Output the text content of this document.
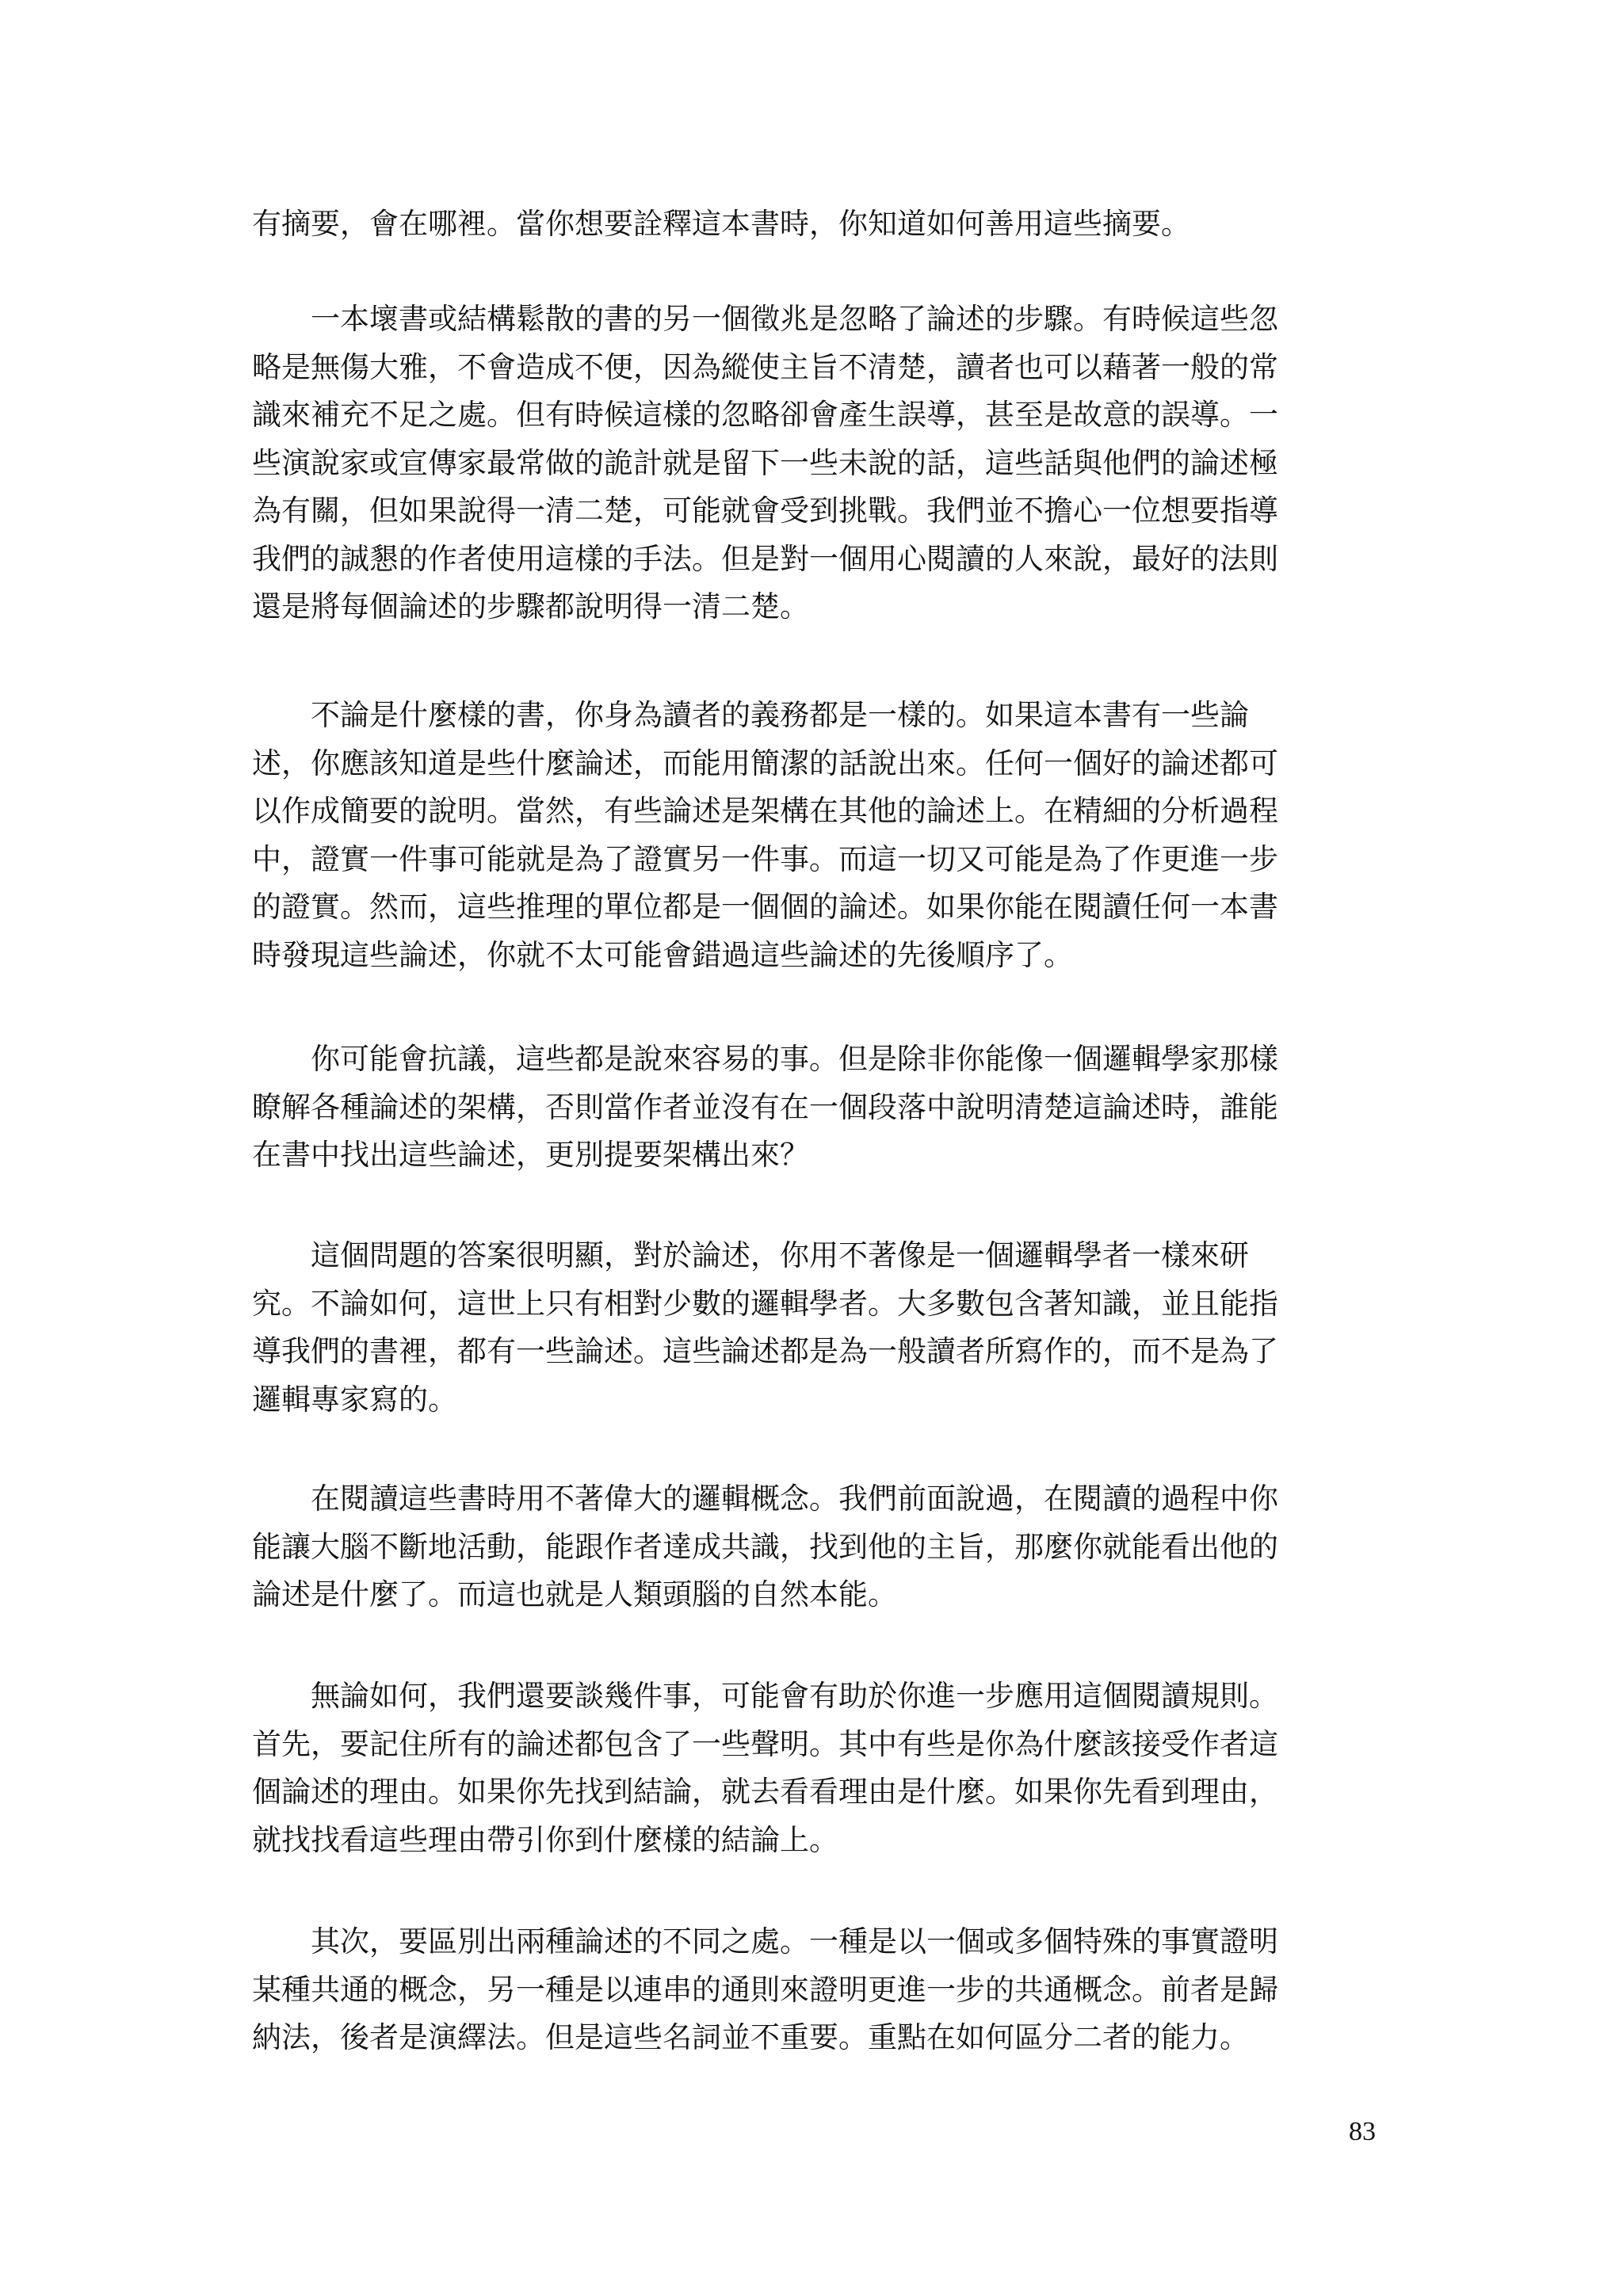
有摘要，會在哪裡。當你想要詮釋這本書時，你知道如何善用這些摘要。
　　一本壞書或結構鬆散的書的另一個徵兆是忽略了論述的步驟。有時候這些忽
略是無傷大雅，不會造成不便，因為縱使主旨不清楚，讀者也可以藉著一般的常
識來補充不足之處。但有時候這樣的忽略卻會產生誤導，甚至是故意的誤導。一
些演說家或宣傳家最常做的詭計就是留下一些未說的話，這些話與他們的論述極
為有關，但如果說得一清二楚，可能就會受到挑戰。我們並不擔心一位想要指導
我們的誠懇的作者使用這樣的手法。但是對一個用心閱讀的人來說，最好的法則
還是將每個論述的步驟都說明得一清二楚。
　　不論是什麼樣的書，你身為讀者的義務都是一樣的。如果這本書有一些論
述，你應該知道是些什麼論述，而能用簡潔的話說出來。任何一個好的論述都可
以作成簡要的說明。當然，有些論述是架構在其他的論述上。在精細的分析過程
中，證實一件事可能就是為了證實另一件事。而這一切又可能是為了作更進一步
的證實。然而，這些推理的單位都是一個個的論述。如果你能在閱讀任何一本書
時發現這些論述，你就不太可能會錯過這些論述的先後順序了。
　　你可能會抗議，這些都是說來容易的事。但是除非你能像一個邏輯學家那樣
瞭解各種論述的架構，否則當作者並沒有在一個段落中說明清楚這論述時，誰能
在書中找出這些論述，更別提要架構出來？
　　這個問題的答案很明顯，對於論述，你用不著像是一個邏輯學者一樣來研
究。不論如何，這世上只有相對少數的邏輯學者。大多數包含著知識，並且能指
導我們的書裡，都有一些論述。這些論述都是為一般讀者所寫作的，而不是為了
邏輯專家寫的。
　　在閱讀這些書時用不著偉大的邏輯概念。我們前面說過，在閱讀的過程中你
能讓大腦不斷地活動，能跟作者達成共識，找到他的主旨，那麼你就能看出他的
論述是什麼了。而這也就是人類頭腦的自然本能。
　　無論如何，我們還要談幾件事，可能會有助於你進一步應用這個閱讀規則。
首先，要記住所有的論述都包含了一些聲明。其中有些是你為什麼該接受作者這
個論述的理由。如果你先找到結論，就去看看理由是什麼。如果你先看到理由，
就找找看這些理由帶引你到什麼樣的結論上。
　　其次，要區別出兩種論述的不同之處。一種是以一個或多個特殊的事實證明
某種共通的概念，另一種是以連串的通則來證明更進一步的共通概念。前者是歸
納法，後者是演繹法。但是這些名詞並不重要。重點在如何區分二者的能力。
83
